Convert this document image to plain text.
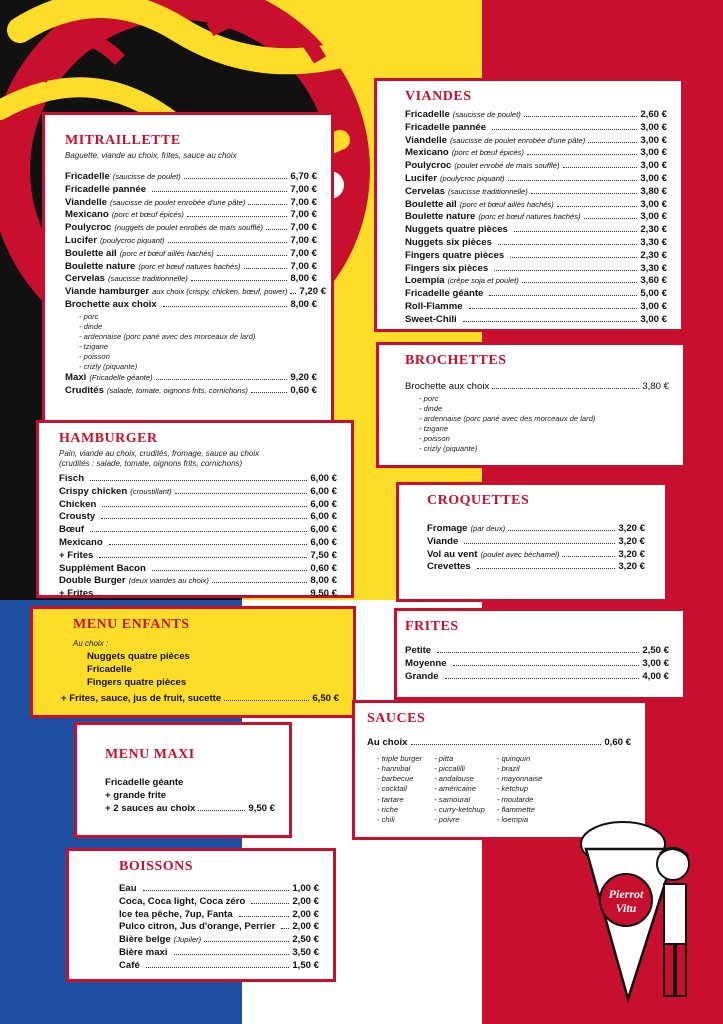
MITRAILLETTE
Baguette, viande au choix, frites, sauce au choix
Fricadelle (saucisse de poulet)	6,70 €
Fricadelle pannée	7,00 €
Viandelle (saucisse de poulet enrobée d'une pâte)	7,00 €
Mexicano (porc et bœuf épicés)	7,00 €
Poulycroc (nuggets de poulet enrobés de maïs soufflé)	7,00 €
Lucifer (poulycroc piquant)	7,00 €
Boulette ail (porc et bœuf aillés hachés)	7,00 €
Boulette nature (porc et bœuf natures hachés)	7,00 €
Cervelas (saucisse traditionnelle)	8,00 €
Viande hamburger aux choix (crispy, chicken, bœuf, power) 7,20 €
Brochette aux choix	8,00 €
- porc
- dinde
- ardennaise (porc pané avec des morceaux de lard)
- tzigane
- poisson
- crizly (piquante)
Maxi (Fricadelle géante)	9,20 €
Crudités (salade, tomate, oignons frits, cornichons)	0,60 €
HAMBURGER
Pain, viande au choix, crudités, fromage, sauce au choix
(crudités : salade, tomate, oignons frits, cornichons)
Fisch	6,00 €
Crispy chicken (croustillant)	6,00 €
Chicken	6,00 €
Crousty	6,00 €
Bœuf	6,00 €
Mexicano	6,00 €
+ Frites	7,50 €
Supplément Bacon	0,60 €
Double Burger (deux viandes au choix)	8,00 €
+ Frites	9,50 €
MENU ENFANTS
Au choix :
Nuggets quatre pièces
Fricadelle
Fingers quatre pièces
+ Frites, sauce, jus de fruit, sucette	6,50 €
MENU MAXI
Fricadelle géante
+ grande frite
+ 2 sauces au choix	9,50 €
BOISSONS
Eau	1,00 €
Coca, Coca light, Coca zéro	2,00 €
Ice tea pêche, 7up, Fanta	2,00 €
Pulco citron, Jus d'orange, Perrier 2,00 €
Bière belge (Jupiler)	2,50 €
Bière maxi	3,50 €
Café	1,50 €
VIANDES
Fricadelle (saucisse de poulet)	2,60 €
Fricadelle pannée	3,00 €
Viandelle (saucisse de poulet enrobée d'une pâte)	3,00 €
Mexicano (porc et bœuf épicés)	3,00 €
Poulycroc (poulet enrobé de maïs soufflé)	3,00 €
Lucifer (poulycroc piquant)	3,00 €
Cervelas (saucisse traditionnelle)	3,80 €
Boulette ail (porc et bœuf aillés hachés)	3,00 €
Boulette nature (porc et bœuf natures hachés)	3,00 €
Nuggets quatre pièces	2,30 €
Nuggets six pièces	3,30 €
Fingers quatre pièces	2,30 €
Fingers six pièces	3,30 €
Loempia (crêpe soja et poulet)	3,60 €
Fricadelle géante	5,00 €
Roll-Flamme	3,00 €
Sweet-Chili	3,00 €
BROCHETTES
Brochette aux choix	3,80 €
- porc
- dinde
- ardennaise (porc pané avec des morceaux de lard)
- tzigane
- poisson
- crizly (piquante)
CROQUETTES
Fromage (par deux)	3,20 €
Viande	3,20 €
Vol au vent (poulet avec béchamel)	3,20 €
Crevettes	3,20 €
FRITES
Petite	2,50 €
Moyenne	3,00 €
Grande	4,00 €
SAUCES
Au choix	0,60 €
- triple burger
- hannibal
- barbecue
- cocktail
- tartare
- riche
- chili
- pitta
- piccalilli
- andalouse
- américaine
- samouraï
- curry-ketchup
- poivre
- quinquin
- brazil
- mayonnaise
- ketchup
- moutarde
- flammette
- loempia
Pierrot
Vitu
